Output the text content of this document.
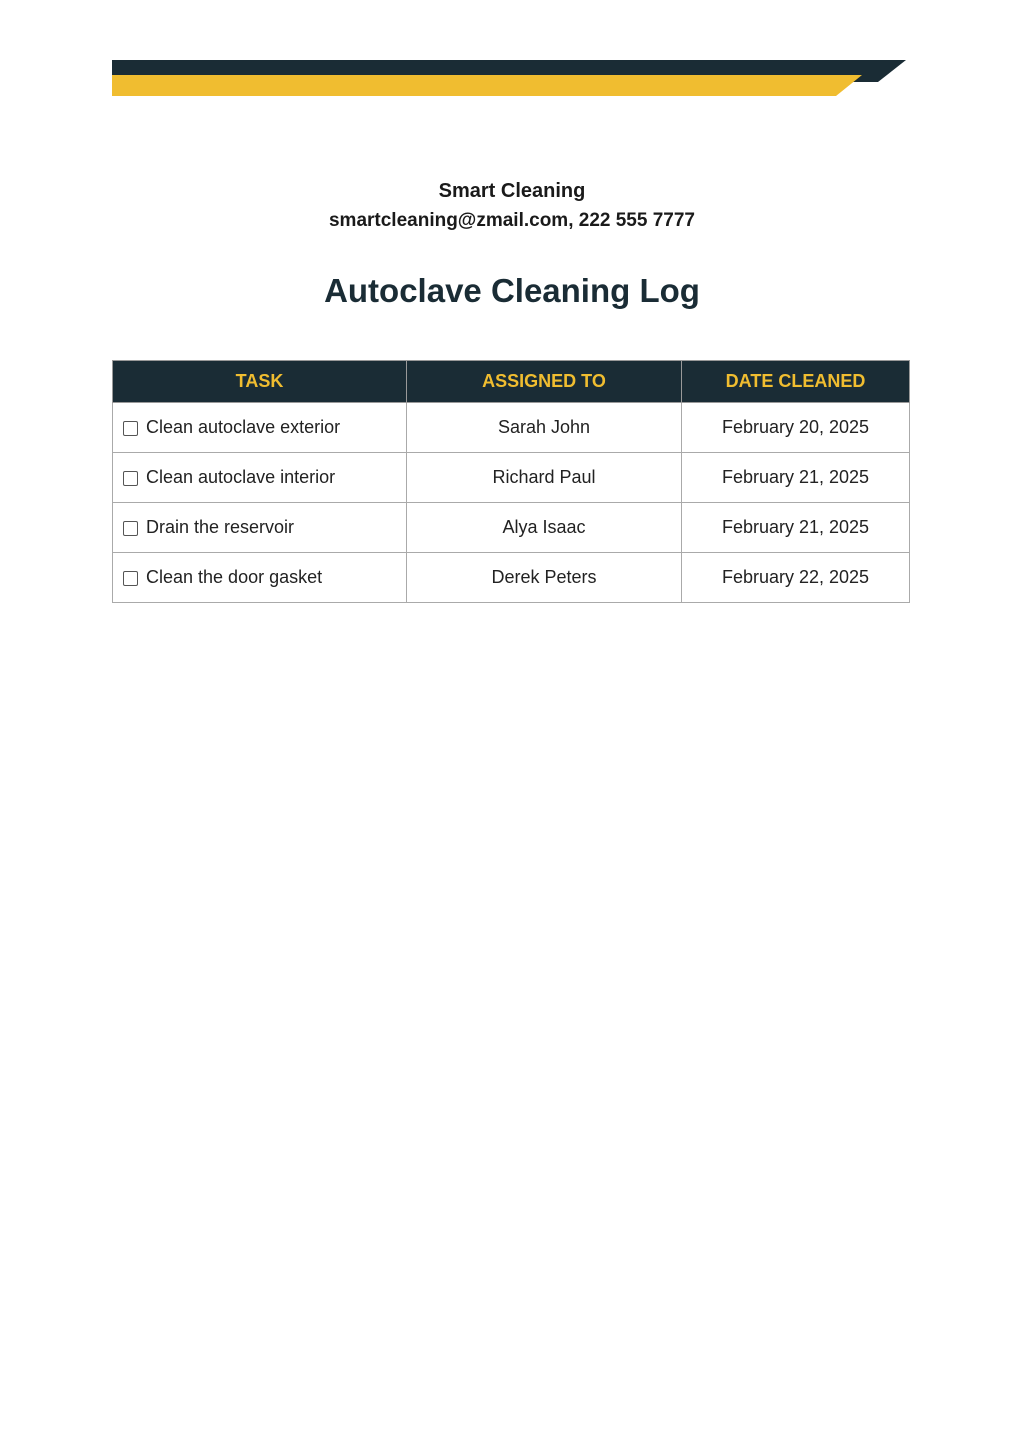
Smart Cleaning
smartcleaning@zmail.com, 222 555 7777
Autoclave Cleaning Log
TASK	ASSIGNED TO	DATE CLEANED
Clean autoclave exterior	Sarah John	February 20, 2025
Clean autoclave interior	Richard Paul	February 21, 2025
Drain the reservoir	Alya Isaac	February 21, 2025
Clean the door gasket	Derek Peters	February 22, 2025
